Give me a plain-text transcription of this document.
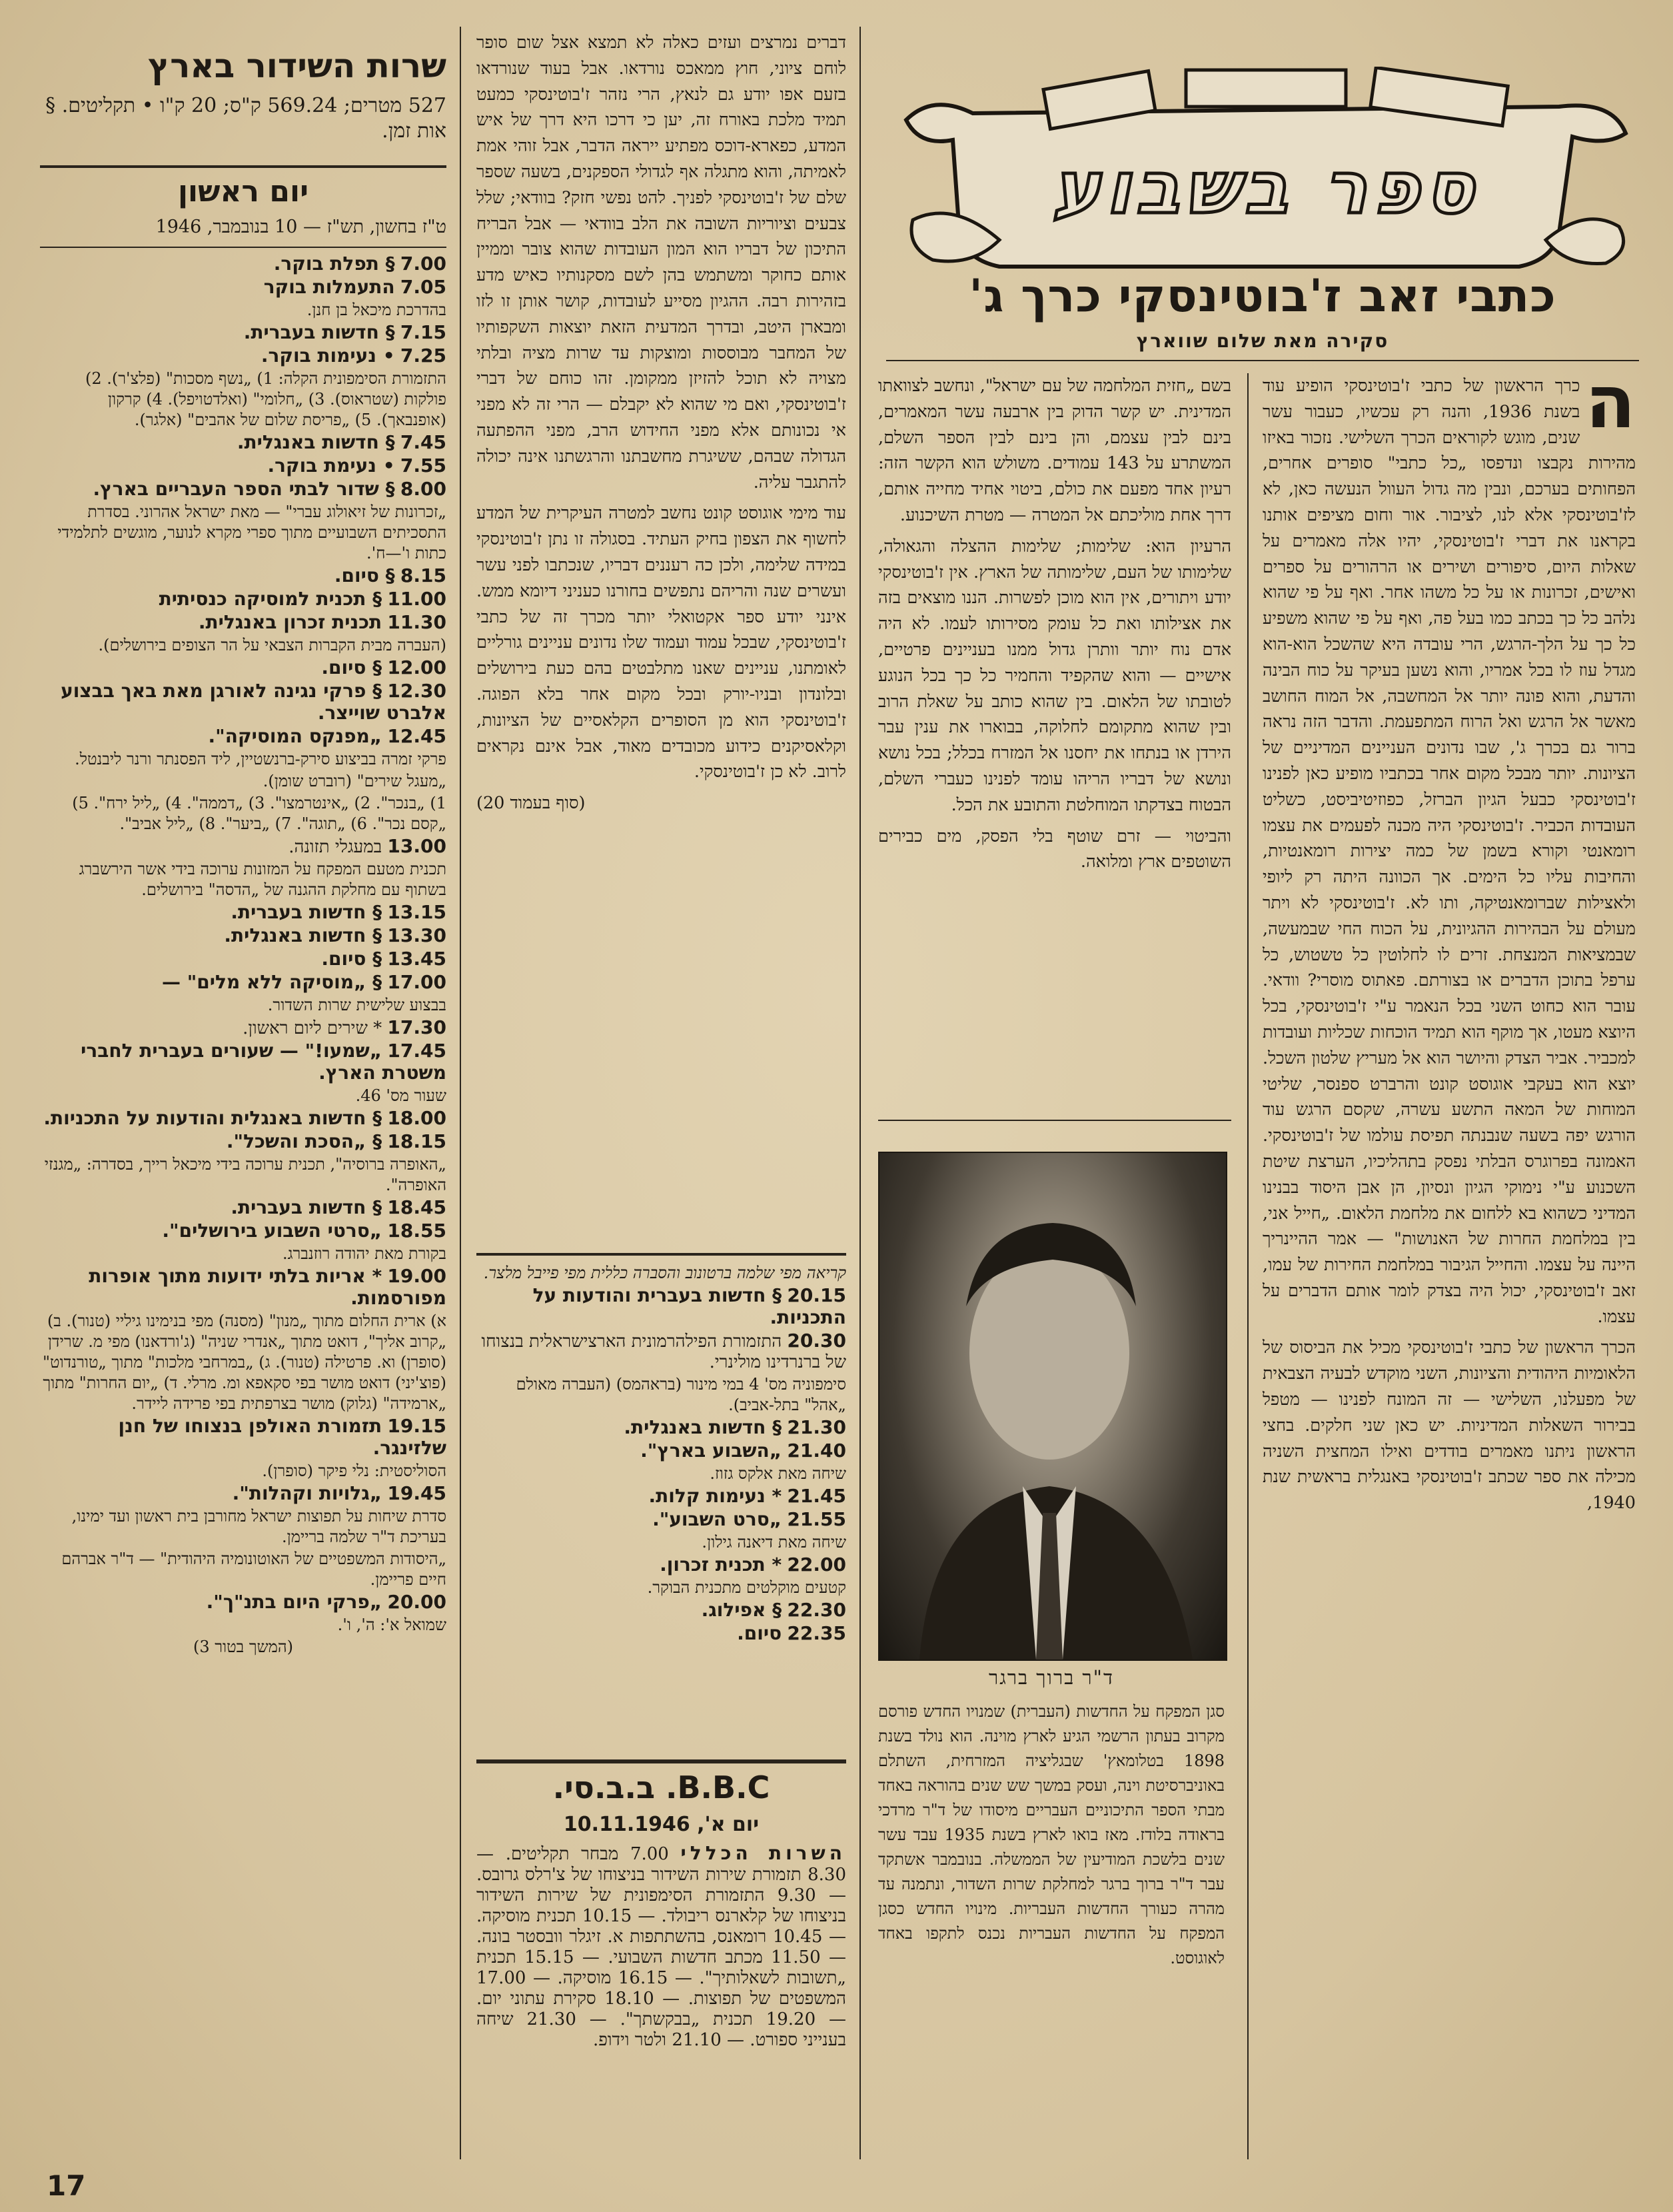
ספר בשבוע
כתבי זאב ז'בוטינסקי כרך ג'
סקירה מאת שלום שווארץ
ה

כרך הראשון של כתבי ז'בוטינסקי הופיע עוד בשנת 1936, והנה רק עכשיו, כעבור עשר שנים, מוגש לקוראים הכרך השלישי. נזכור באיזו מהירות נקבצו ונדפסו „כל כתבי" סופרים אחרים, הפחותים בערכם, ונבין מה גדול העוול הנעשה כאן, לא לז'בוטינסקי אלא לנו, לציבור. אור וחום מציפים אותנו בקראנו את דברי ז'בוטינסקי, יהיו אלה מאמרים על שאלות היום, סיפורים ושירים או הרהורים על ספרים ואישים, זכרונות או על כל משהו אחר. ואף על פי שהוא נלהב כל כך בכתב כמו בעל פה, ואף על פי שהוא משפיע כל כך על הלך-הרגש, הרי עובדה היא שהשכל הוא-הוא מגדל עוז לו בכל אמריו, והוא נשען בעיקר על כוח הבינה והדעת, והוא פונה יותר אל המחשבה, אל המוח החושב מאשר אל הרגש ואל הרוח המתפעמת. והדבר הזה נראה ברור גם בכרך ג', שבו נדונים העניינים המדיניים של הציונות. יותר מבכל מקום אחר בכתביו מופיע כאן לפנינו ז'בוטינסקי כבעל הגיון הברזל, כפוזיטיביסט, כשליט העובדות הכביר. ז'בוטינסקי היה מכנה לפעמים את עצמו רומאנטי וקורא בשמן של כמה יצירות רומאנטיות, והחיבות עליו כל הימים. אך הכוונה היתה רק ליופי ולאצילות שברומאנטיקה, ותו לא. ז'בוטינסקי לא ויתר מעולם על הבהירות ההגיונית, על הכוח החי שבמעשה, שבמציאות המנצחת. זרים לו לחלוטין כל טשטוש, כל ערפל בתוכן הדברים או בצורתם. פאתוס מוסרי? וודאי. עובר הוא כחוט השני בכל הנאמר ע"י ז'בוטינסקי, בכל היוצא מעטו, אך מוקף הוא תמיד הוכחות שכליות ועובדות למכביר. אביר הצדק והיושר הוא אל מעריץ שלטון השכל. יוצא הוא בעקבי אוגוסט קונט והרברט ספנסר, שליטי המוחות של המאה התשע עשרה, שקסם הרגש עוד הורגש יפה בשעה שנבנתה תפיסת עולמו של ז'בוטינסקי. האמונה בפרוגרס הבלתי נפסק בתהליכיו, הערצת שיטת השכנוע ע"י נימוקי הגיון ונסיון, הן אבן היסוד בבנינו המדיני כשהוא בא ללחום את מלחמת הלאום. „חייל אני, בין במלחמת החרות של האנושות" — אמר ההיינריך היינה על עצמו. והחייל הגיבור במלחמת החירות של עמו, זאב ז'בוטינסקי, יכול היה בצדק לומר אותם הדברים על עצמו.

הכרך הראשון של כתבי ז'בוטינסקי מכיל את הביסוס של הלאומיות היהודית והציונות, השני מוקדש לבעיה הצבאית של מפעלנו, השלישי — זה המונח לפנינו — מטפל בבירור השאלות המדיניות. יש כאן שני חלקים. בחצי הראשון ניתנו מאמרים בודדים ואילו המחצית השניה מכילה את ספר שכתב ז'בוטינסקי באנגלית בראשית שנת 1940,

בשם „חזית המלחמה של עם ישראל", ונחשב לצוואתו המדינית. יש קשר הדוק בין ארבעה עשר המאמרים, בינם לבין עצמם, והן בינם לבין הספר השלם, המשתרע על 143 עמודים. משולש הוא הקשר הזה: רעיון אחד מפעם את כולם, ביטוי אחיד מחייה אותם, דרך אחת מוליכתם אל המטרה — מטרת השיכנוע.

הרעיון הוא: שלימות; שלימות ההצלה והגאולה, שלימותו של העם, שלימותה של הארץ. אין ז'בוטינסקי יודע ויתורים, אין הוא מוכן לפשרות. הננו מוצאים בזה את אצילותו ואת כל עומק מסירותו לעמו. לא היה אדם נוח יותר וותרן גדול ממנו בעניינים פרטיים, אישיים — והוא שהקפיד והחמיר כל כך בכל הנוגע לטובתו של הלאום. בין שהוא כותב על שאלת הרוב ובין שהוא מתקומם לחלוקה, בבוארו את ענין עבר הירדן או בנתחו את יחסנו אל המזרח בכלל; בכל נושא ונושא של דבריו הריהו עומד לפנינו כעברי השלם, הבטוח בצדקתו המוחלטת והתובע את הכל.

והביטוי — זרם שוטף בלי הפסק, מים כבירים השוטפים ארץ ומלואה.

ד"ר ברוך ברגר
סגן המפקח על החדשות (העברית) שמנויו החדש פורסם מקרוב בעתון הרשמי הגיע לארץ מוינה. הוא נולד בשנת 1898 בטלומאץ' שבגליציה המזרחית, השתלם באוניברסיטת וינה, ועסק במשך שש שנים בהוראה באחד מבתי הספר התיכוניים העבריים מיסודו של ד"ר מרדכי בראודה בלודז. מאז בואו לארץ בשנת 1935 עבד עשר שנים בלשכת המודיעין של הממשלה. בנובמבר אשתקד עבר ד"ר ברוך ברגר למחלקת שרות השדור, ונתמנה עד מהרה כעורך החדשות העבריות. מינויו החדש כסגן המפקח על החדשות העבריות נכנס לתקפו באחד לאוגוסט.

דברים נמרצים ועזים כאלה לא תמצא אצל שום סופר לוחם ציוני, חוץ ממאכס נורדאו. אבל בעוד שנורדאו בזעם אפו יודע גם לנאץ, הרי נזהר ז'בוטינסקי כמעט תמיד מלכת באורח זה, יען כי דרכו היא דרך של איש המדע, כפארא-דוכס מפתיע ייראה הדבר, אבל זוהי אמת לאמיתה, והוא מתגלה אף לגדולי הספקנים, בשעה שספר שלם של ז'בוטינסקי לפניך. להט נפשי חזק? בוודאי; שלל צבעים וציוריות השובה את הלב בוודאי — אבל הבריח התיכון של דבריו הוא המון העובדות שהוא צובר וממיין אותם כחוקר ומשתמש בהן לשם מסקנותיו כאיש מדע בזהירות רבה. ההגיון מסייע לעובדות, קושר אותן זו לזו ומבארן היטב, ובדרך המדעית הזאת יוצאות השקפותיו של המחבר מבוססות ומוצקות עד שרות מציה ובלתי מצויה לא תוכל להזיזן ממקומן. זהו כוחם של דברי ז'בוטינסקי, ואם מי שהוא לא יקבלם — הרי זה לא מפני אי נכונותם אלא מפני החידוש הרב, מפני ההפתעה הגדולה שבהם, ששיגרת מחשבתנו והרגשתנו אינה יכולה להתגבר עליה.

עוד מימי אוגוסט קונט נחשב למטרה העיקרית של המדע לחשוף את הצפון בחיק העתיד. בסגולה זו נתן ז'בוטינסקי במידה שלימה, ולכן כה רעננים דבריו, שנכתבו לפני עשר ועשרים שנה והריהם נתפשים בחורנו כעניני דיומא ממש. אינני יודע ספר אקטואלי יותר מכרך זה של כתבי ז'בוטינסקי, שבכל עמוד ועמוד שלו נדונים עניינים גורליים לאומתנו, עניינים שאנו מתלבטים בהם כעת בירושלים ובלונדון ובניו-יורק ובכל מקום אחר בלא הפוגה. ז'בוטינסקי הוא מן הסופרים הקלאסיים של הציונות, וקלאסיקנים כידוע מכובדים מאוד, אבל אינם נקראים לרוב. לא כן ז'בוטינסקי.

(סוף בעמוד 20)

קריאה מפי שלמה ברטונוב והסברה כללית מפי פייבל מלצר.
20.15 § חדשות בעברית והודעות על התכניות.
20.30 התזמורת הפילהרמונית הארצישראלית בנצוחו של ברנרדינו מולינרי.
סימפוניה מס' 4 במי מינור (בראהמס) (העברה מאולם „אהל" בתל-אביב).
21.30 § חדשות באנגלית.
21.40 „השבוע בארץ".
שיחה מאת אלקס גזוז.
21.45 * נעימות קלות.
21.55 „סרט השבוע".
שיחה מאת דיאנה גילון.
22.00 * תכנית זכרון.
קטעים מוקלטים מתכנית הבוקר.
22.30 § אפילוג.
22.35 סיום.
B.B.C. ב.ב.סי.
יום א', 10.11.1946
השרות הכללי 7.00 מבחר תקליטים. — 8.30 תזמורת שירות השידור בניצוחו של צ'רלס גרובס. — 9.30 התזמורת הסימפונית של שירות השידור בניצוחו של קלארנס ריבולד. — 10.15 תכנית מוסיקה. — 10.45 רומאנס, בהשתתפות א. זיגלר וובסטר בונה. — 11.50 מכתב חדשות השבועי. — 15.15 תכנית „תשובות לשאלותיך". — 16.15 מוסיקה. — 17.00 המשפטים של תפוצות. — 18.10 סקירת עתוני יום. — 19.20 תכנית „בבקשתך". — 21.30 שיחה בענייני ספורט. — 21.10 ולטר וידופ.
שרות השידור בארץ
527 מטרים; 569.24 ק"ס; 20 ק"ו • תקליטים. § אות זמן.
יום ראשון
ט"ז בחשון, תש"ז — 10 בנובמבר, 1946
7.00 § תפלת בוקר.
7.05 התעמלות בוקר
בהדרכת מיכאל בן חנן.
7.15 § חדשות בעברית.
7.25 • נעימות בוקר.
התזמורת הסימפונית הקלה: 1) „נשף מסכות" (פלצ'ר). 2) פולקות (שטראוס). 3) „חלומי" (ואלדטויפל). 4) קרקון (אופנבאך). 5) „פריסת שלום של אהבים" (אלגר).
7.45 § חדשות באנגלית.
7.55 • נעימת בוקר.
8.00 § שדור לבתי הספר העבריים בארץ.
„זכרונות של זיאולוג עברי" — מאת ישראל אהרוני. בסדרת התסכיתים השבועיים מתוך ספרי מקרא לנוער, מוגשים לתלמידי כתות ו'—ח'.
8.15 § סיום.
11.00 § תכנית למוסיקה כנסיתית
11.30 תכנית זכרון באנגלית.
(העברה מבית הקברות הצבאי על הר הצופים בירושלים).
12.00 § סיום.
12.30 § פרקי נגינה לאורגן מאת באך בבצוע אלברט שוייצר.
12.45 „מפנקס המוסיקה".
פרקי זמרה בביצוע סירק-ברנשטיין, ליד הפסנתר ורנר ליבנטל.
„מעגל שירים" (רוברט שומן).
1) „בנכר". 2) „אינטרמצו". 3) „דממה". 4) „ליל ירח". 5) „קסם נכר". 6) „תוגה". 7) „ביער". 8) „ליל אביב".
13.00 במעגלי תזונה.
תכנית מטעם המפקח על המזונות ערוכה בידי אשר הירשברג בשתוף עם מחלקת ההגנה של „הדסה" בירושלים.
13.15 § חדשות בעברית.
13.30 § חדשות באנגלית.
13.45 § סיום.
17.00 § „מוסיקה ללא מלים" —
בבצוע שלישית שרות השדור.
17.30 * שירים ליום ראשון.
17.45 „שמעו!" — שעורים בעברית לחברי משטרת הארץ.
שעור מס' 46.
18.00 § חדשות באנגלית והודעות על התכניות.
18.15 § „הסכת והשכל".
„האופרה ברוסיה", תכנית ערוכה בידי מיכאל רייך, בסדרה: „מגנזי האופרה".
18.45 § חדשות בעברית.
18.55 „סרטי השבוע בירושלים".
בקורת מאת יהודה רוזנברג.
19.00 * אריות בלתי ידועות מתוך אופרות מפורסמות.
א) ארית החלום מתוך „מנון" (מסנה) מפי בנימינו גיליי (טנור). ב) „קרוב אליך", דואט מתוך „אנדרי שניה" (ג'ורדאנו) מפי מ. שרידן (סופרן) וא. פרטילה (טנור). ג) „במרחבי מלכות" מתוך „טורנדוט" (פוצ'יני) דואט מושר בפי סקאפא ומ. מרלי. ד) „יום החרות" מתוך „ארמידה" (גלוק) מושר בצרפתית בפי פרידה ליידר.
19.15 תזמורת האולפן בנצוחו של חנן שלזינגר.
הסוליסטית: נלי פיקר (סופרן).
19.45 „גלויות וקהלות".
סדרת שיחות על תפוצות ישראל מחורבן בית ראשון ועד ימינו, בעריכת ד"ר שלמה בריימן.
„היסודות המשפטיים של האוטונומיה היהודית" — ד"ר אברהם חיים פריימן.
20.00 „פרקי היום בתנ"ך".
שמואל א': ה', ו'.
(המשך בטור 3)
17
